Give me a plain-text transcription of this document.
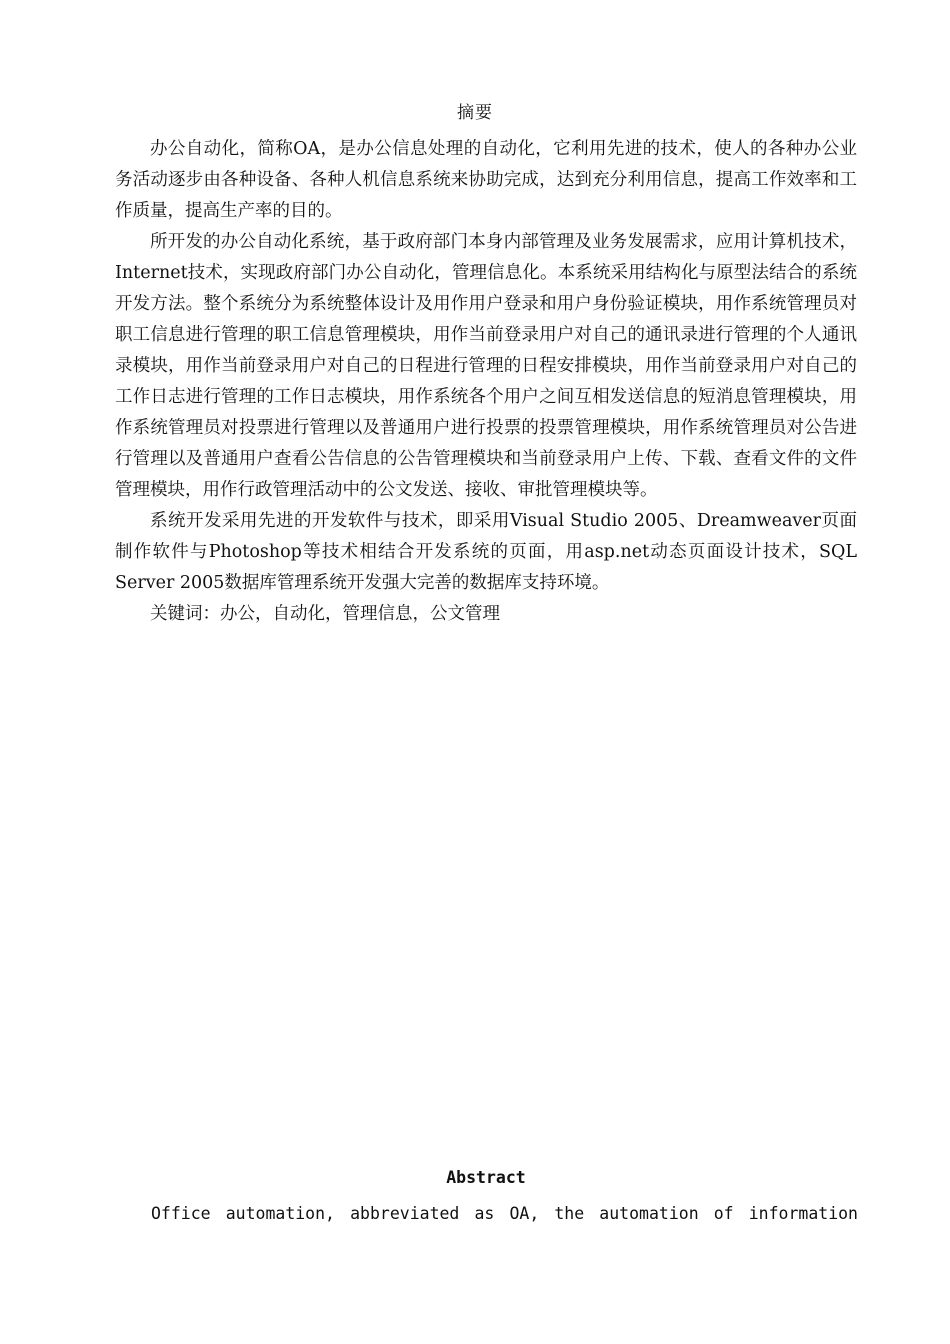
摘要

办公自动化，简称OA，是办公信息处理的自动化，它利用先进的技术，使人的各种办公业务活动逐步由各种设备、各种人机信息系统来协助完成，达到充分利用信息，提高工作效率和工作质量，提高生产率的目的。

所开发的办公自动化系统，基于政府部门本身内部管理及业务发展需求，应用计算机技术，Internet技术，实现政府部门办公自动化，管理信息化。本系统采用结构化与原型法结合的系统开发方法。整个系统分为系统整体设计及用作用户登录和用户身份验证模块，用作系统管理员对职工信息进行管理的职工信息管理模块，用作当前登录用户对自己的通讯录进行管理的个人通讯录模块，用作当前登录用户对自己的日程进行管理的日程安排模块，用作当前登录用户对自己的工作日志进行管理的工作日志模块，用作系统各个用户之间互相发送信息的短消息管理模块，用作系统管理员对投票进行管理以及普通用户进行投票的投票管理模块，用作系统管理员对公告进行管理以及普通用户查看公告信息的公告管理模块和当前登录用户上传、下载、查看文件的文件管理模块，用作行政管理活动中的公文发送、接收、审批管理模块等。

系统开发采用先进的开发软件与技术，即采用Visual Studio 2005、Dreamweaver页面制作软件与Photoshop等技术相结合开发系统的页面，用asp.net动态页面设计技术，SQL Server 2005数据库管理系统开发强大完善的数据库支持环境。

关键词：办公，自动化，管理信息，公文管理

Abstract

Office automation, abbreviated as OA, the automation of information
